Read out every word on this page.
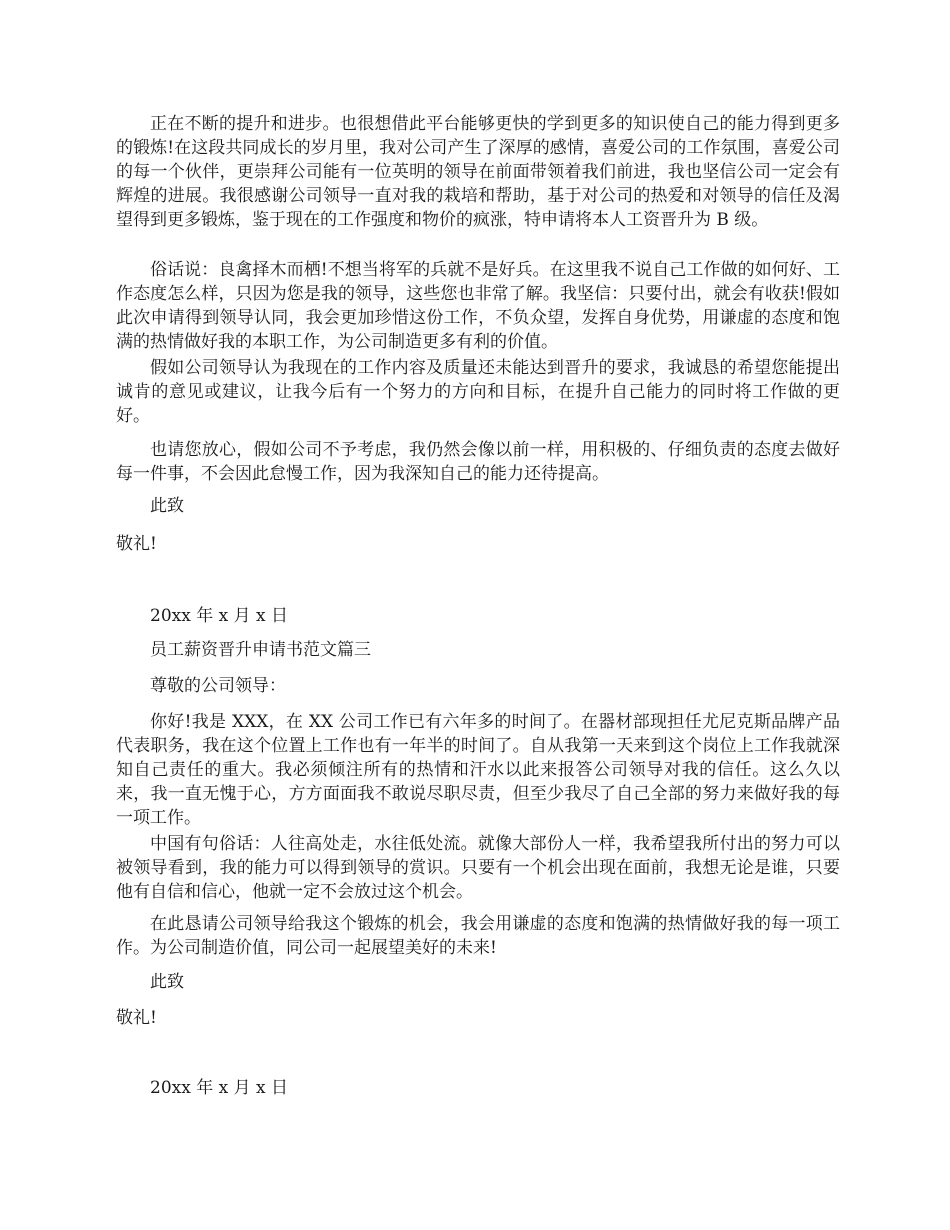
正在不断的提升和进步。也很想借此平台能够更快的学到更多的知识使自己的能力得到更多的锻炼!在这段共同成长的岁月里，我对公司产生了深厚的感情，喜爱公司的工作氛围，喜爱公司的每一个伙伴，更崇拜公司能有一位英明的领导在前面带领着我们前进，我也坚信公司一定会有辉煌的进展。我很感谢公司领导一直对我的栽培和帮助，基于对公司的热爱和对领导的信任及渴望得到更多锻炼，鉴于现在的工作强度和物价的疯涨，特申请将本人工资晋升为 B 级。

俗话说：良禽择木而栖!不想当将军的兵就不是好兵。在这里我不说自己工作做的如何好、工作态度怎么样，只因为您是我的领导，这些您也非常了解。我坚信：只要付出，就会有收获!假如此次申请得到领导认同，我会更加珍惜这份工作，不负众望，发挥自身优势，用谦虚的态度和饱满的热情做好我的本职工作，为公司制造更多有利的价值。

假如公司领导认为我现在的工作内容及质量还未能达到晋升的要求，我诚恳的希望您能提出诚肯的意见或建议，让我今后有一个努力的方向和目标，在提升自己能力的同时将工作做的更好。

也请您放心，假如公司不予考虑，我仍然会像以前一样，用积极的、仔细负责的态度去做好每一件事，不会因此怠慢工作，因为我深知自己的能力还待提高。

此致

敬礼!

20xx 年 x 月 x 日

员工薪资晋升申请书范文篇三

尊敬的公司领导：

你好!我是 XXX，在 XX 公司工作已有六年多的时间了。在器材部现担任尤尼克斯品牌产品代表职务，我在这个位置上工作也有一年半的时间了。自从我第一天来到这个岗位上工作我就深知自己责任的重大。我必须倾注所有的热情和汗水以此来报答公司领导对我的信任。这么久以来，我一直无愧于心，方方面面我不敢说尽职尽责，但至少我尽了自己全部的努力来做好我的每一项工作。

中国有句俗话：人往高处走，水往低处流。就像大部份人一样，我希望我所付出的努力可以被领导看到，我的能力可以得到领导的赏识。只要有一个机会出现在面前，我想无论是谁，只要他有自信和信心，他就一定不会放过这个机会。

在此恳请公司领导给我这个锻炼的机会，我会用谦虚的态度和饱满的热情做好我的每一项工作。为公司制造价值，同公司一起展望美好的未来!

此致

敬礼!

20xx 年 x 月 x 日
